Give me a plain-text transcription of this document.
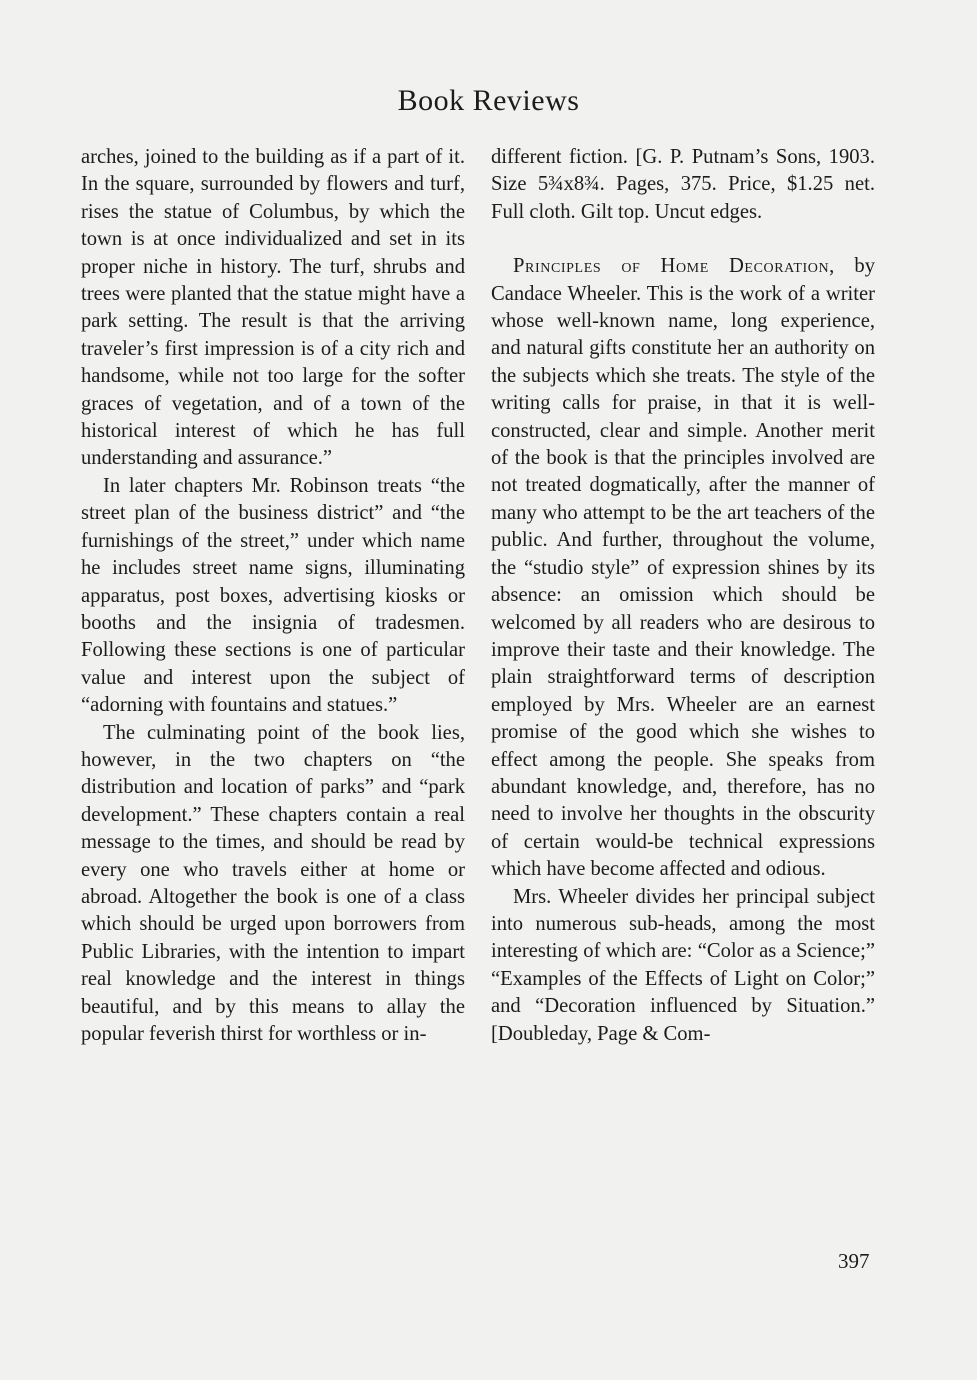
Book Reviews

arches, joined to the building as if a part of it. In the square, surrounded by flowers and turf, rises the statue of Columbus, by which the town is at once individualized and set in its proper niche in history. The turf, shrubs and trees were planted that the statue might have a park setting. The result is that the arriving traveler’s first impression is of a city rich and handsome, while not too large for the softer graces of vegetation, and of a town of the historical interest of which he has full understanding and assurance.”

In later chapters Mr. Robinson treats “the street plan of the business district” and “the furnishings of the street,” under which name he includes street name signs, illuminating apparatus, post boxes, advertising kiosks or booths and the insignia of tradesmen. Following these sections is one of particular value and interest upon the subject of “adorning with fountains and statues.”

The culminating point of the book lies, however, in the two chapters on “the distribution and location of parks” and “park development.” These chapters contain a real message to the times, and should be read by every one who travels either at home or abroad. Altogether the book is one of a class which should be urged upon borrowers from Public Libraries, with the intention to impart real knowledge and the interest in things beautiful, and by this means to allay the popular feverish thirst for worthless or in-

different fiction. [G. P. Putnam’s Sons, 1903. Size 5¾x8¾. Pages, 375. Price, $1.25 net. Full cloth. Gilt top. Uncut edges.

Principles of Home Decoration, by Candace Wheeler. This is the work of a writer whose well-known name, long experience, and natural gifts constitute her an authority on the subjects which she treats. The style of the writing calls for praise, in that it is well-constructed, clear and simple. Another merit of the book is that the principles involved are not treated dogmatically, after the manner of many who attempt to be the art teachers of the public. And further, throughout the volume, the “studio style” of expression shines by its absence: an omission which should be welcomed by all readers who are desirous to improve their taste and their knowledge. The plain straightforward terms of description employed by Mrs. Wheeler are an earnest promise of the good which she wishes to effect among the people. She speaks from abundant knowledge, and, therefore, has no need to involve her thoughts in the obscurity of certain would-be technical expressions which have become affected and odious.

Mrs. Wheeler divides her principal subject into numerous sub-heads, among the most interesting of which are: “Color as a Science;” “Examples of the Effects of Light on Color;” and “Decoration influenced by Situation.” [Doubleday, Page & Com-

397
